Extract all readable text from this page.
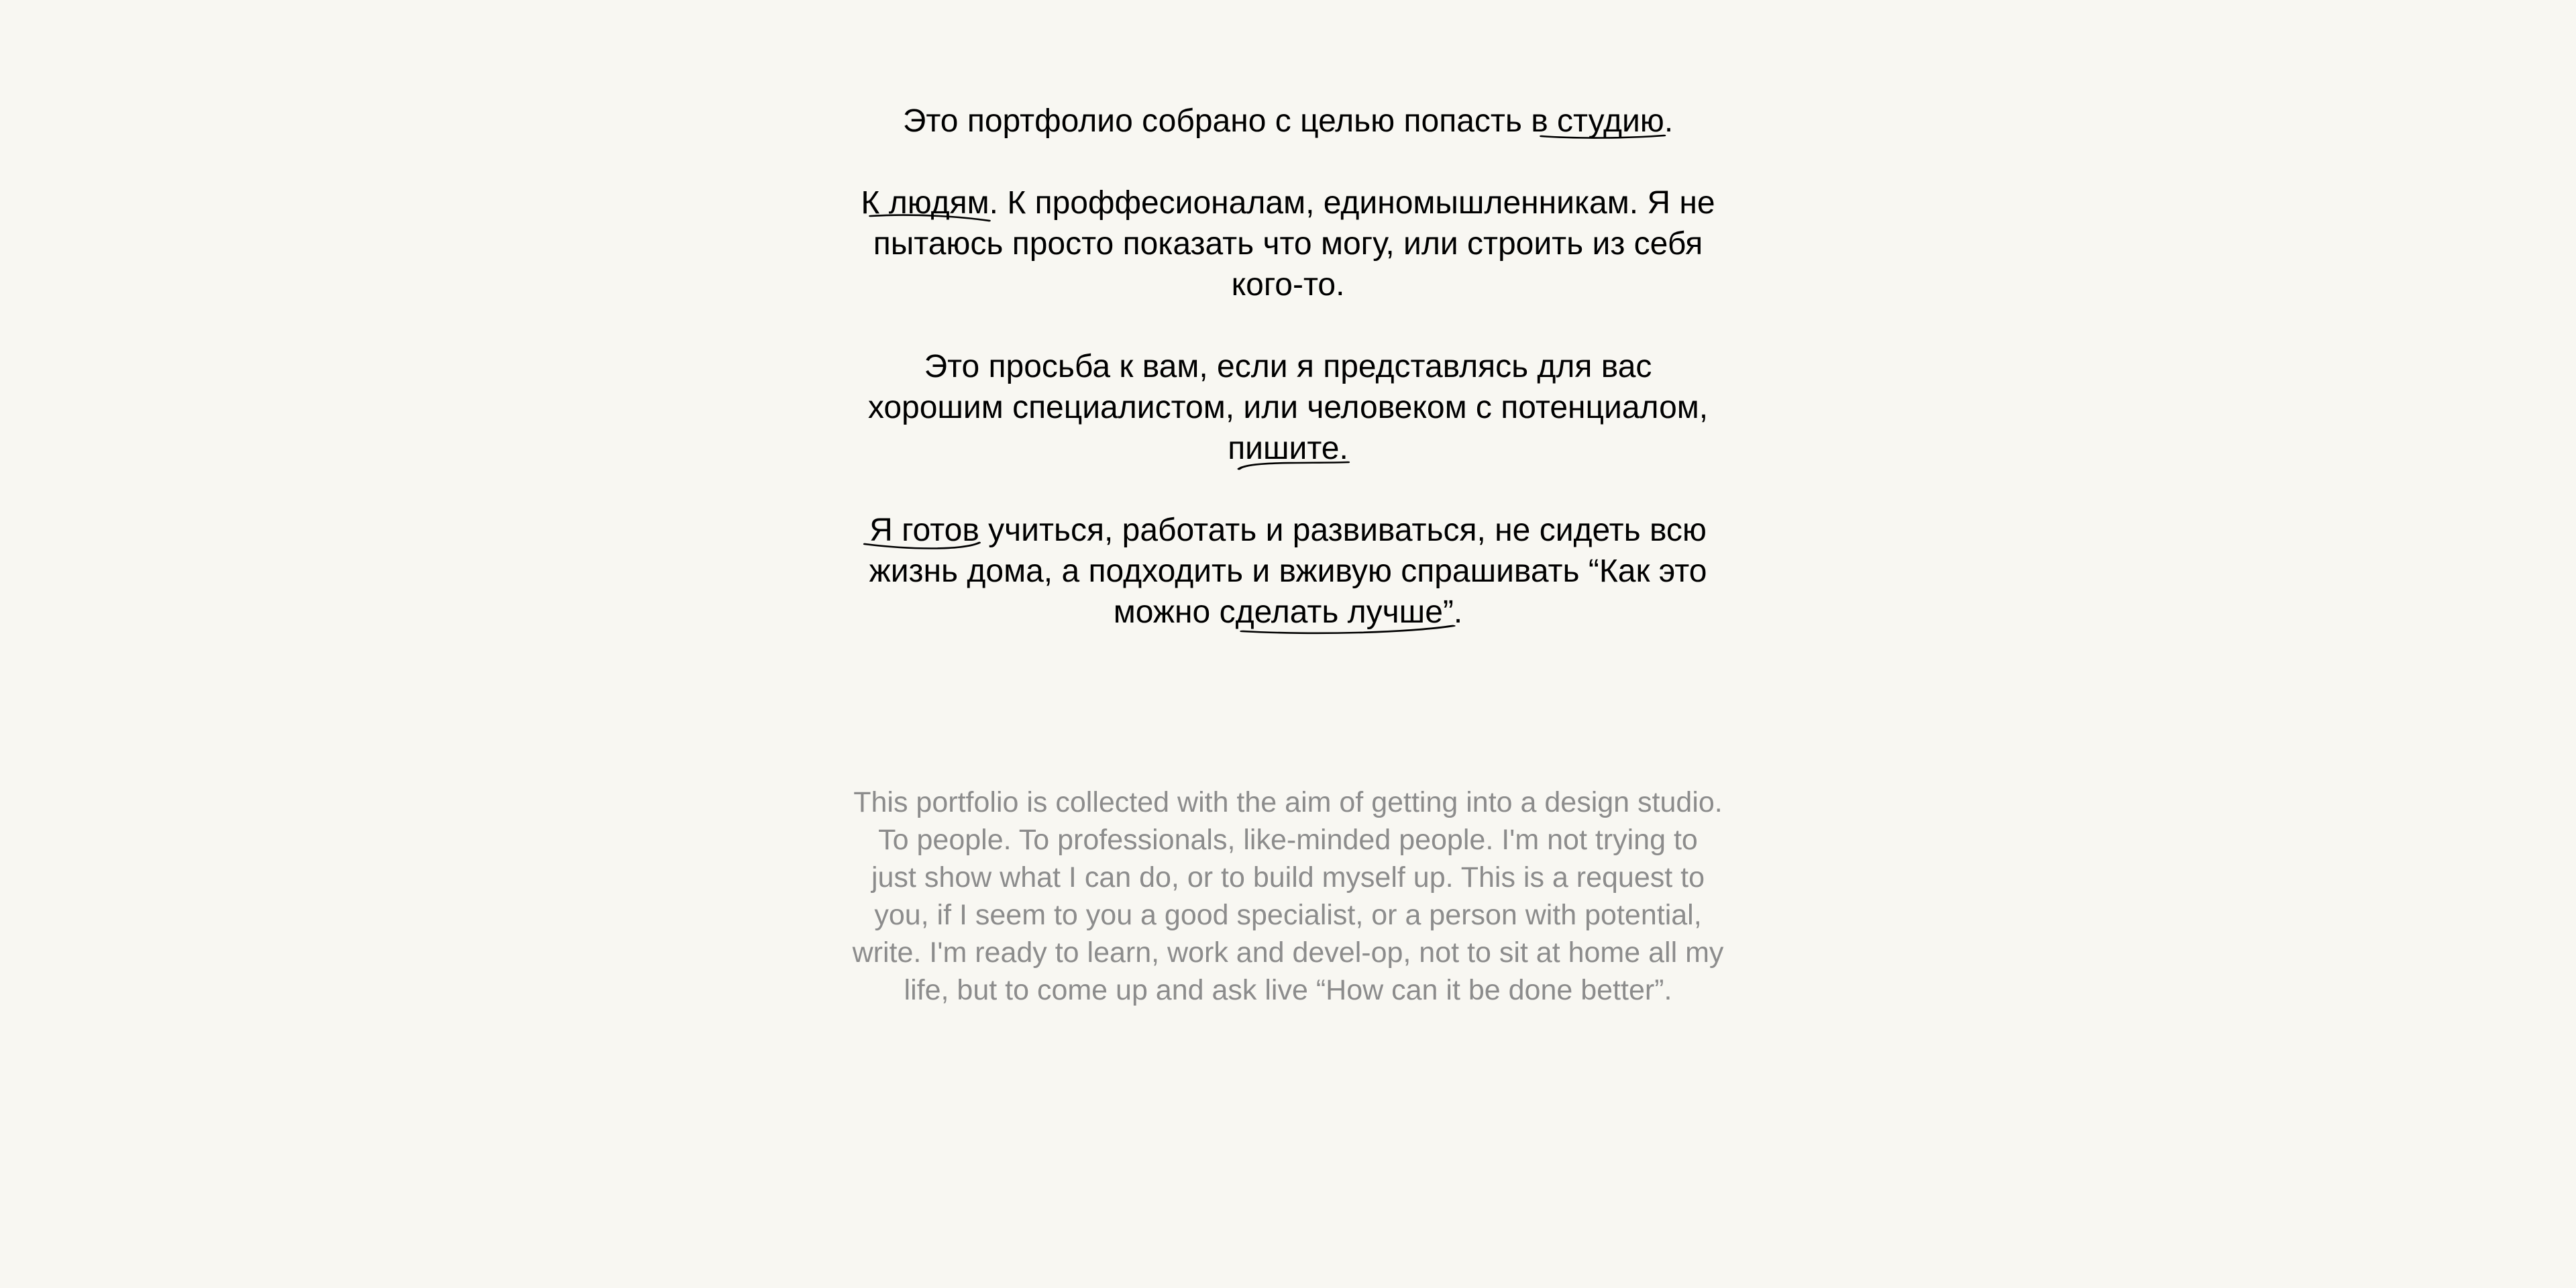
Это портфолио собрано с целью попасть в студию
.

К людям
. К проффесионалам, единомышленникам. Я не пытаюсь просто показать что могу, или строить из себя кого-то.

Это просьба к вам, если я представлясь для вас хорошим специалистом, или человеком с потенциалом, пишите.

Я готов
учиться, работать и развиваться, не сидеть всю жизнь дома, а подходить и вживую спрашивать “Как это можно сделать лучше
”.

This portfolio is collected with the aim of getting into a design studio. To people. To professionals, like-minded people. I'm not trying to just show what I can do, or to build myself up. This is a request to you, if I seem to you a good specialist, or a person with potential, write. I'm ready to learn, work and devel-op, not to sit at home all my life, but to come up and ask live “How can it be done better”.
